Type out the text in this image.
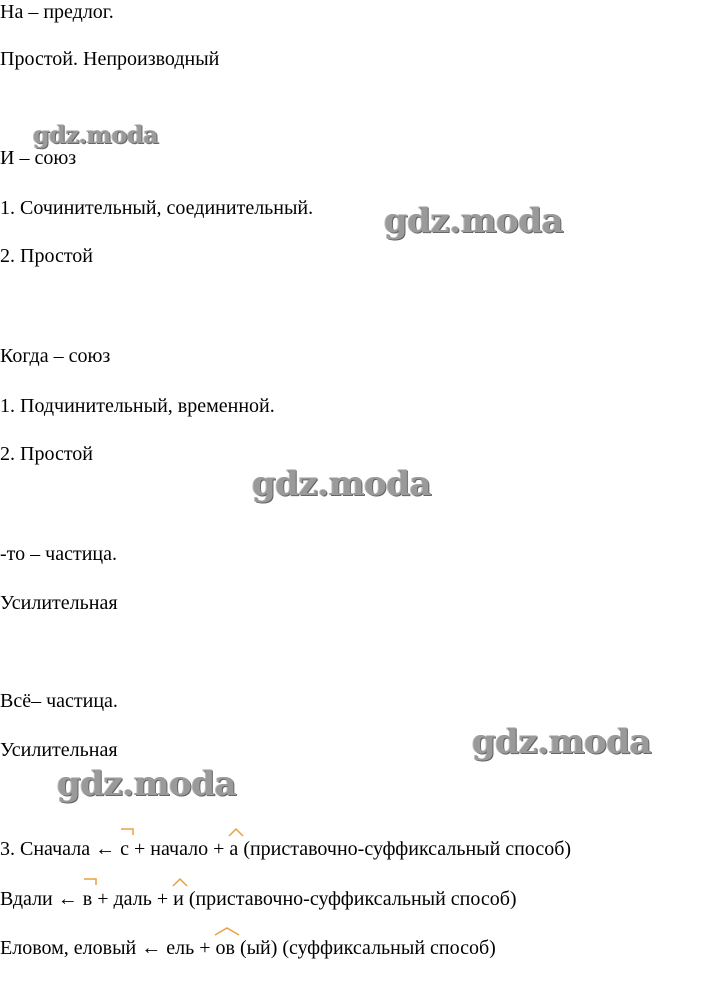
На – предлог.
Простой. Непроизводный
И – союз
1. Сочинительный, соединительный.
2. Простой
Когда – союз
1. Подчинительный, временной.
2. Простой
-то – частица.
Усилительная
Всё– частица.
Усилительная
3. Сначала ←
с + начало +
а (приставочно-суффиксальный способ)
Вдали ←
в + даль +
и (приставочно-суффиксальный способ)
Еловом, еловый ← ель +
ов (ый) (суффиксальный способ)
gdz.moda
gdz.moda
gdz.moda
gdz.moda
gdz.moda
